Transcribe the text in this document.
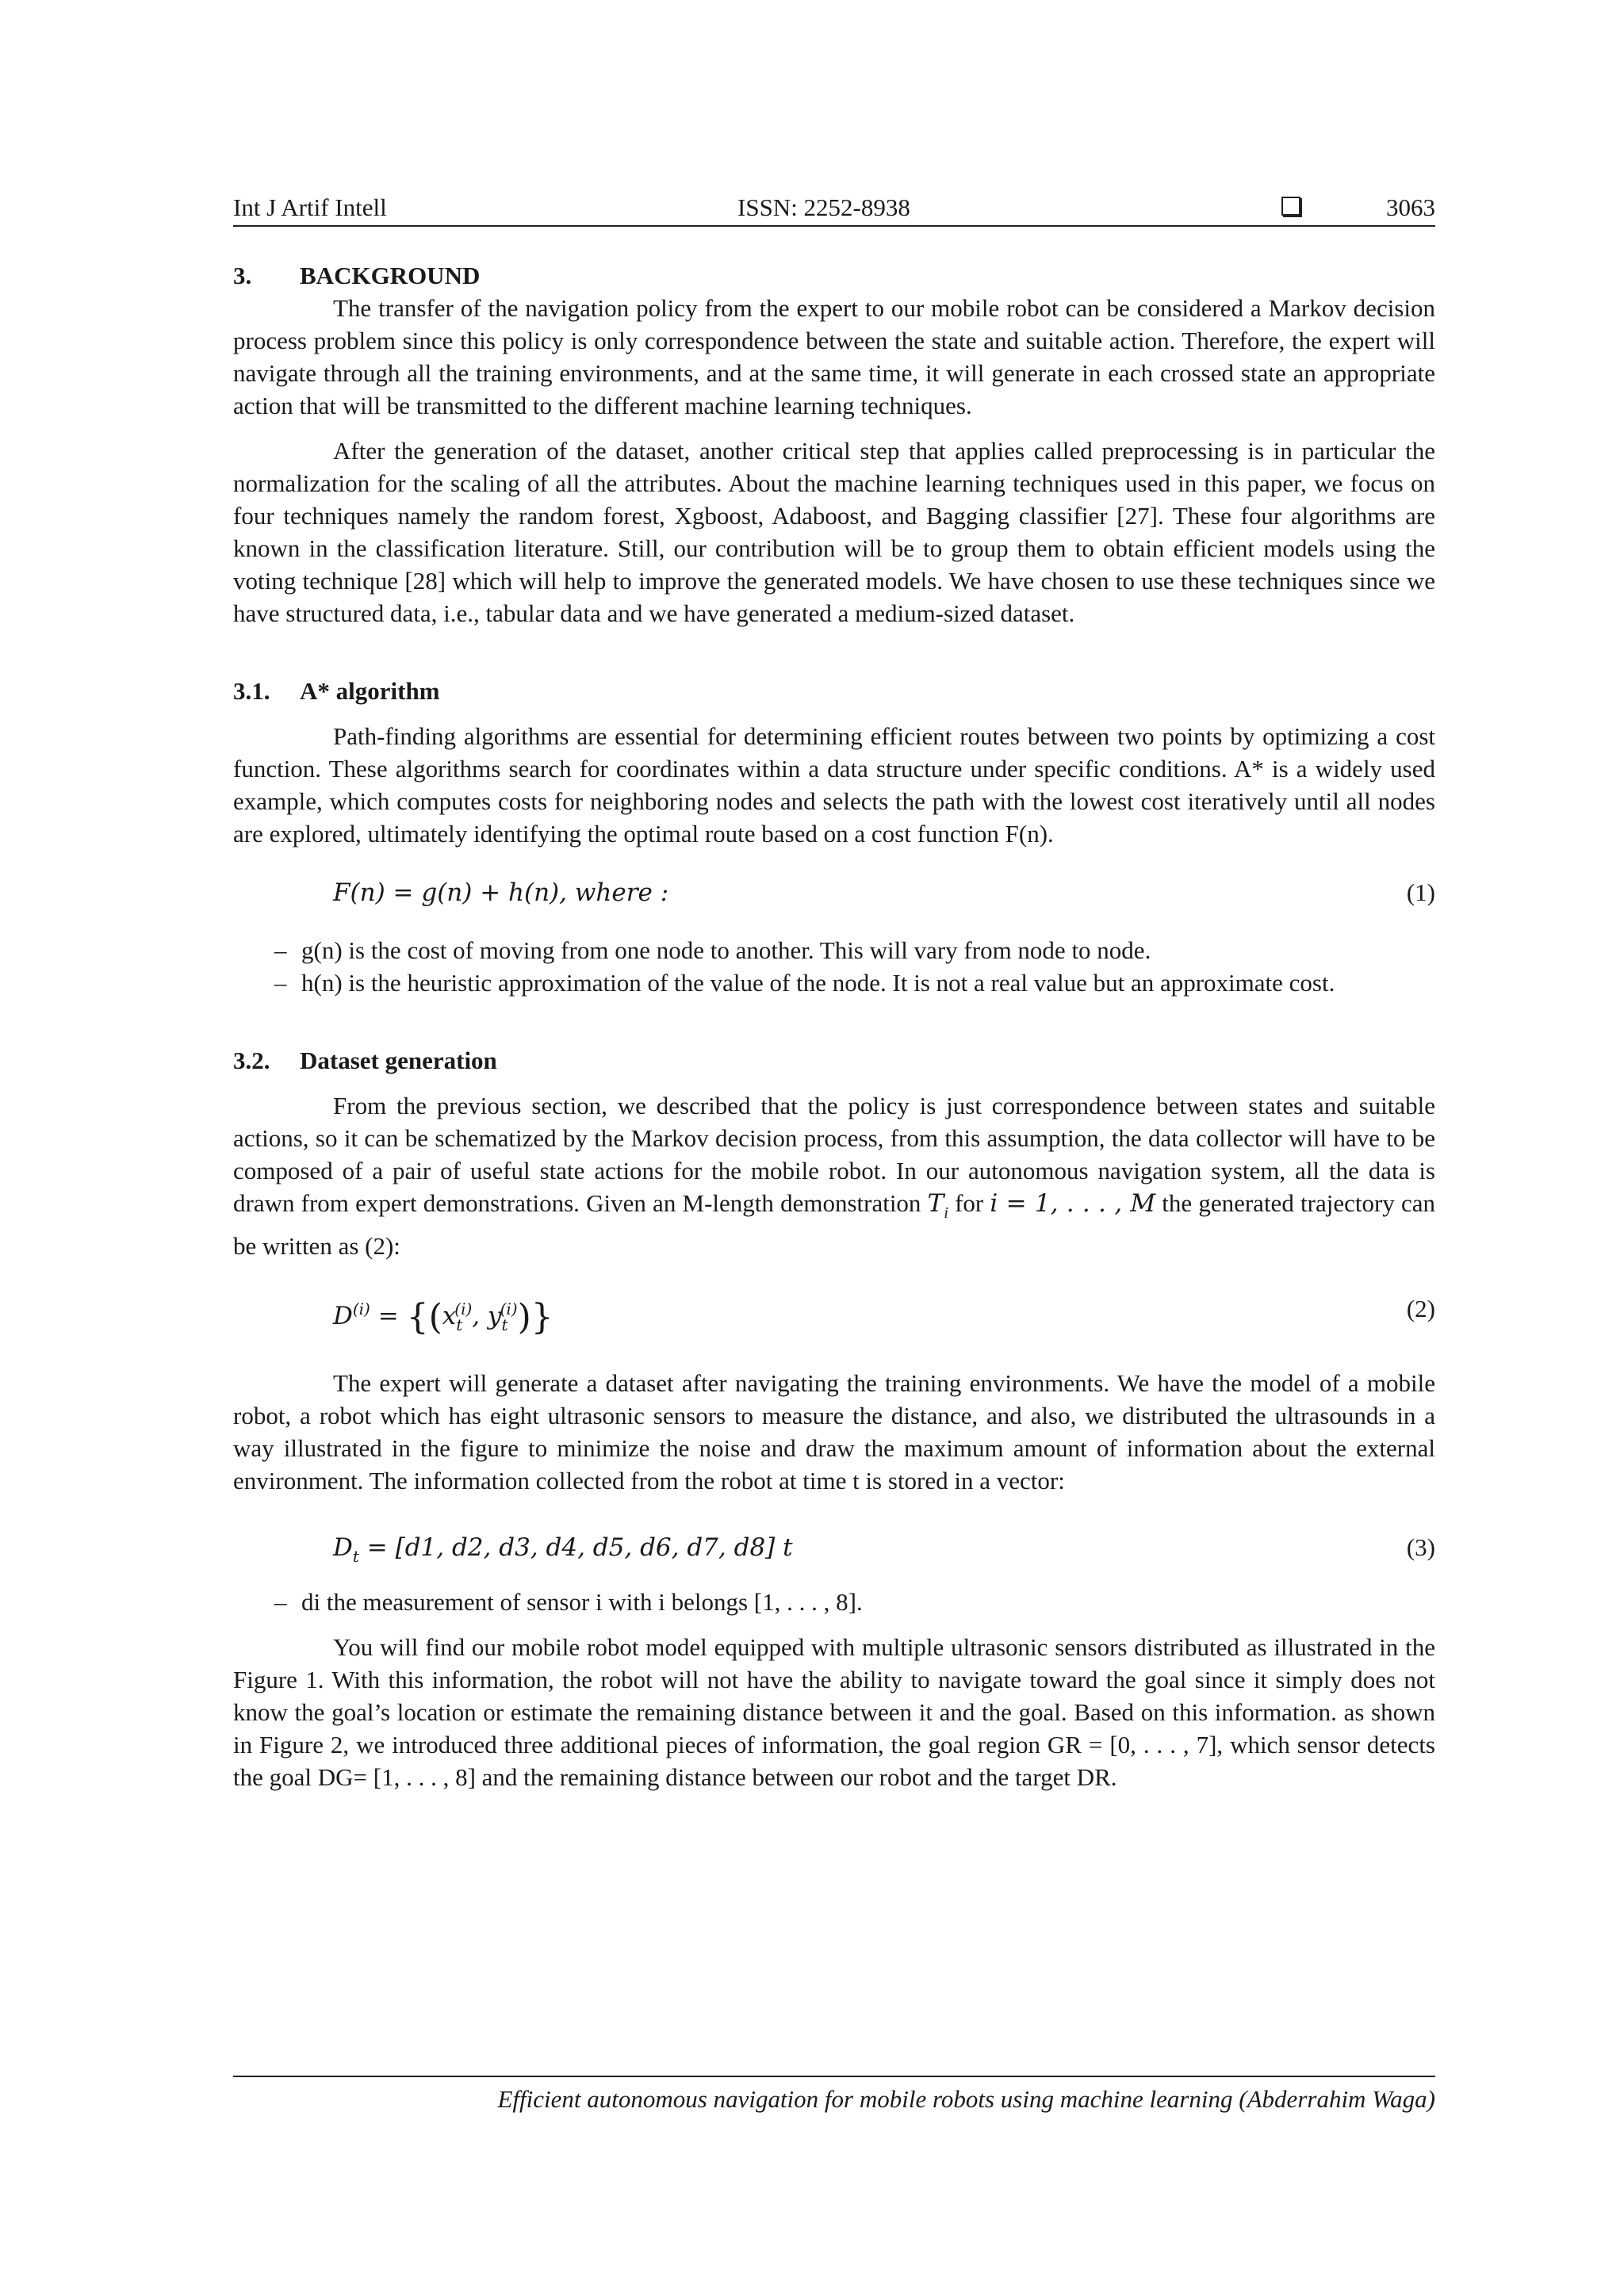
Int J Artif Intell	ISSN: 2252-8938	3063
3.	BACKGROUND

The transfer of the navigation policy from the expert to our mobile robot can be considered a Markov decision process problem since this policy is only correspondence between the state and suitable action. Therefore, the expert will navigate through all the training environments, and at the same time, it will generate in each crossed state an appropriate action that will be transmitted to the different machine learning techniques.

After the generation of the dataset, another critical step that applies called preprocessing is in particular the normalization for the scaling of all the attributes. About the machine learning techniques used in this paper, we focus on four techniques namely the random forest, Xgboost, Adaboost, and Bagging classifier [27]. These four algorithms are known in the classification literature. Still, our contribution will be to group them to obtain efficient models using the voting technique [28] which will help to improve the generated models. We have chosen to use these techniques since we have structured data, i.e., tabular data and we have generated a medium-sized dataset.

3.1.	A* algorithm

Path-finding algorithms are essential for determining efficient routes between two points by optimizing a cost function. These algorithms search for coordinates within a data structure under specific conditions. A* is a widely used example, which computes costs for neighboring nodes and selects the path with the lowest cost iteratively until all nodes are explored, ultimately identifying the optimal route based on a cost function F(n).

F(n) = g(n) + h(n), where :	(1)
– g(n) is the cost of moving from one node to another. This will vary from node to node.
– h(n) is the heuristic approximation of the value of the node. It is not a real value but an approximate cost.
3.2.	Dataset generation

From the previous section, we described that the policy is just correspondence between states and suitable actions, so it can be schematized by the Markov decision process, from this assumption, the data collector will have to be composed of a pair of useful state actions for the mobile robot. In our autonomous navigation system, all the data is drawn from expert demonstrations. Given an M-length demonstration $T_i$ for i = 1, . . . , M the generated trajectory can be written as (2):

$D^{(i)} = \{(x_t^{(i)}$, $y_t^{(i)}$)}	(2)

The expert will generate a dataset after navigating the training environments. We have the model of a mobile robot, a robot which has eight ultrasonic sensors to measure the distance, and also, we distributed the ultrasounds in a way illustrated in the figure to minimize the noise and draw the maximum amount of information about the external environment. The information collected from the robot at time t is stored in a vector:

$D_t = [d1$, d2, d3, d4, d5, d6, d7, d8] t	(3)
– di the measurement of sensor i with i belongs [1, . . . , 8].

You will find our mobile robot model equipped with multiple ultrasonic sensors distributed as illustrated in the Figure 1. With this information, the robot will not have the ability to navigate toward the goal since it simply does not know the goal’s location or estimate the remaining distance between it and the goal. Based on this information. as shown in Figure 2, we introduced three additional pieces of information, the goal region GR = [0, . . . , 7], which sensor detects the goal DG= [1, . . . , 8] and the remaining distance between our robot and the target DR.

Efficient autonomous navigation for mobile robots using machine learning (Abderrahim Waga)
